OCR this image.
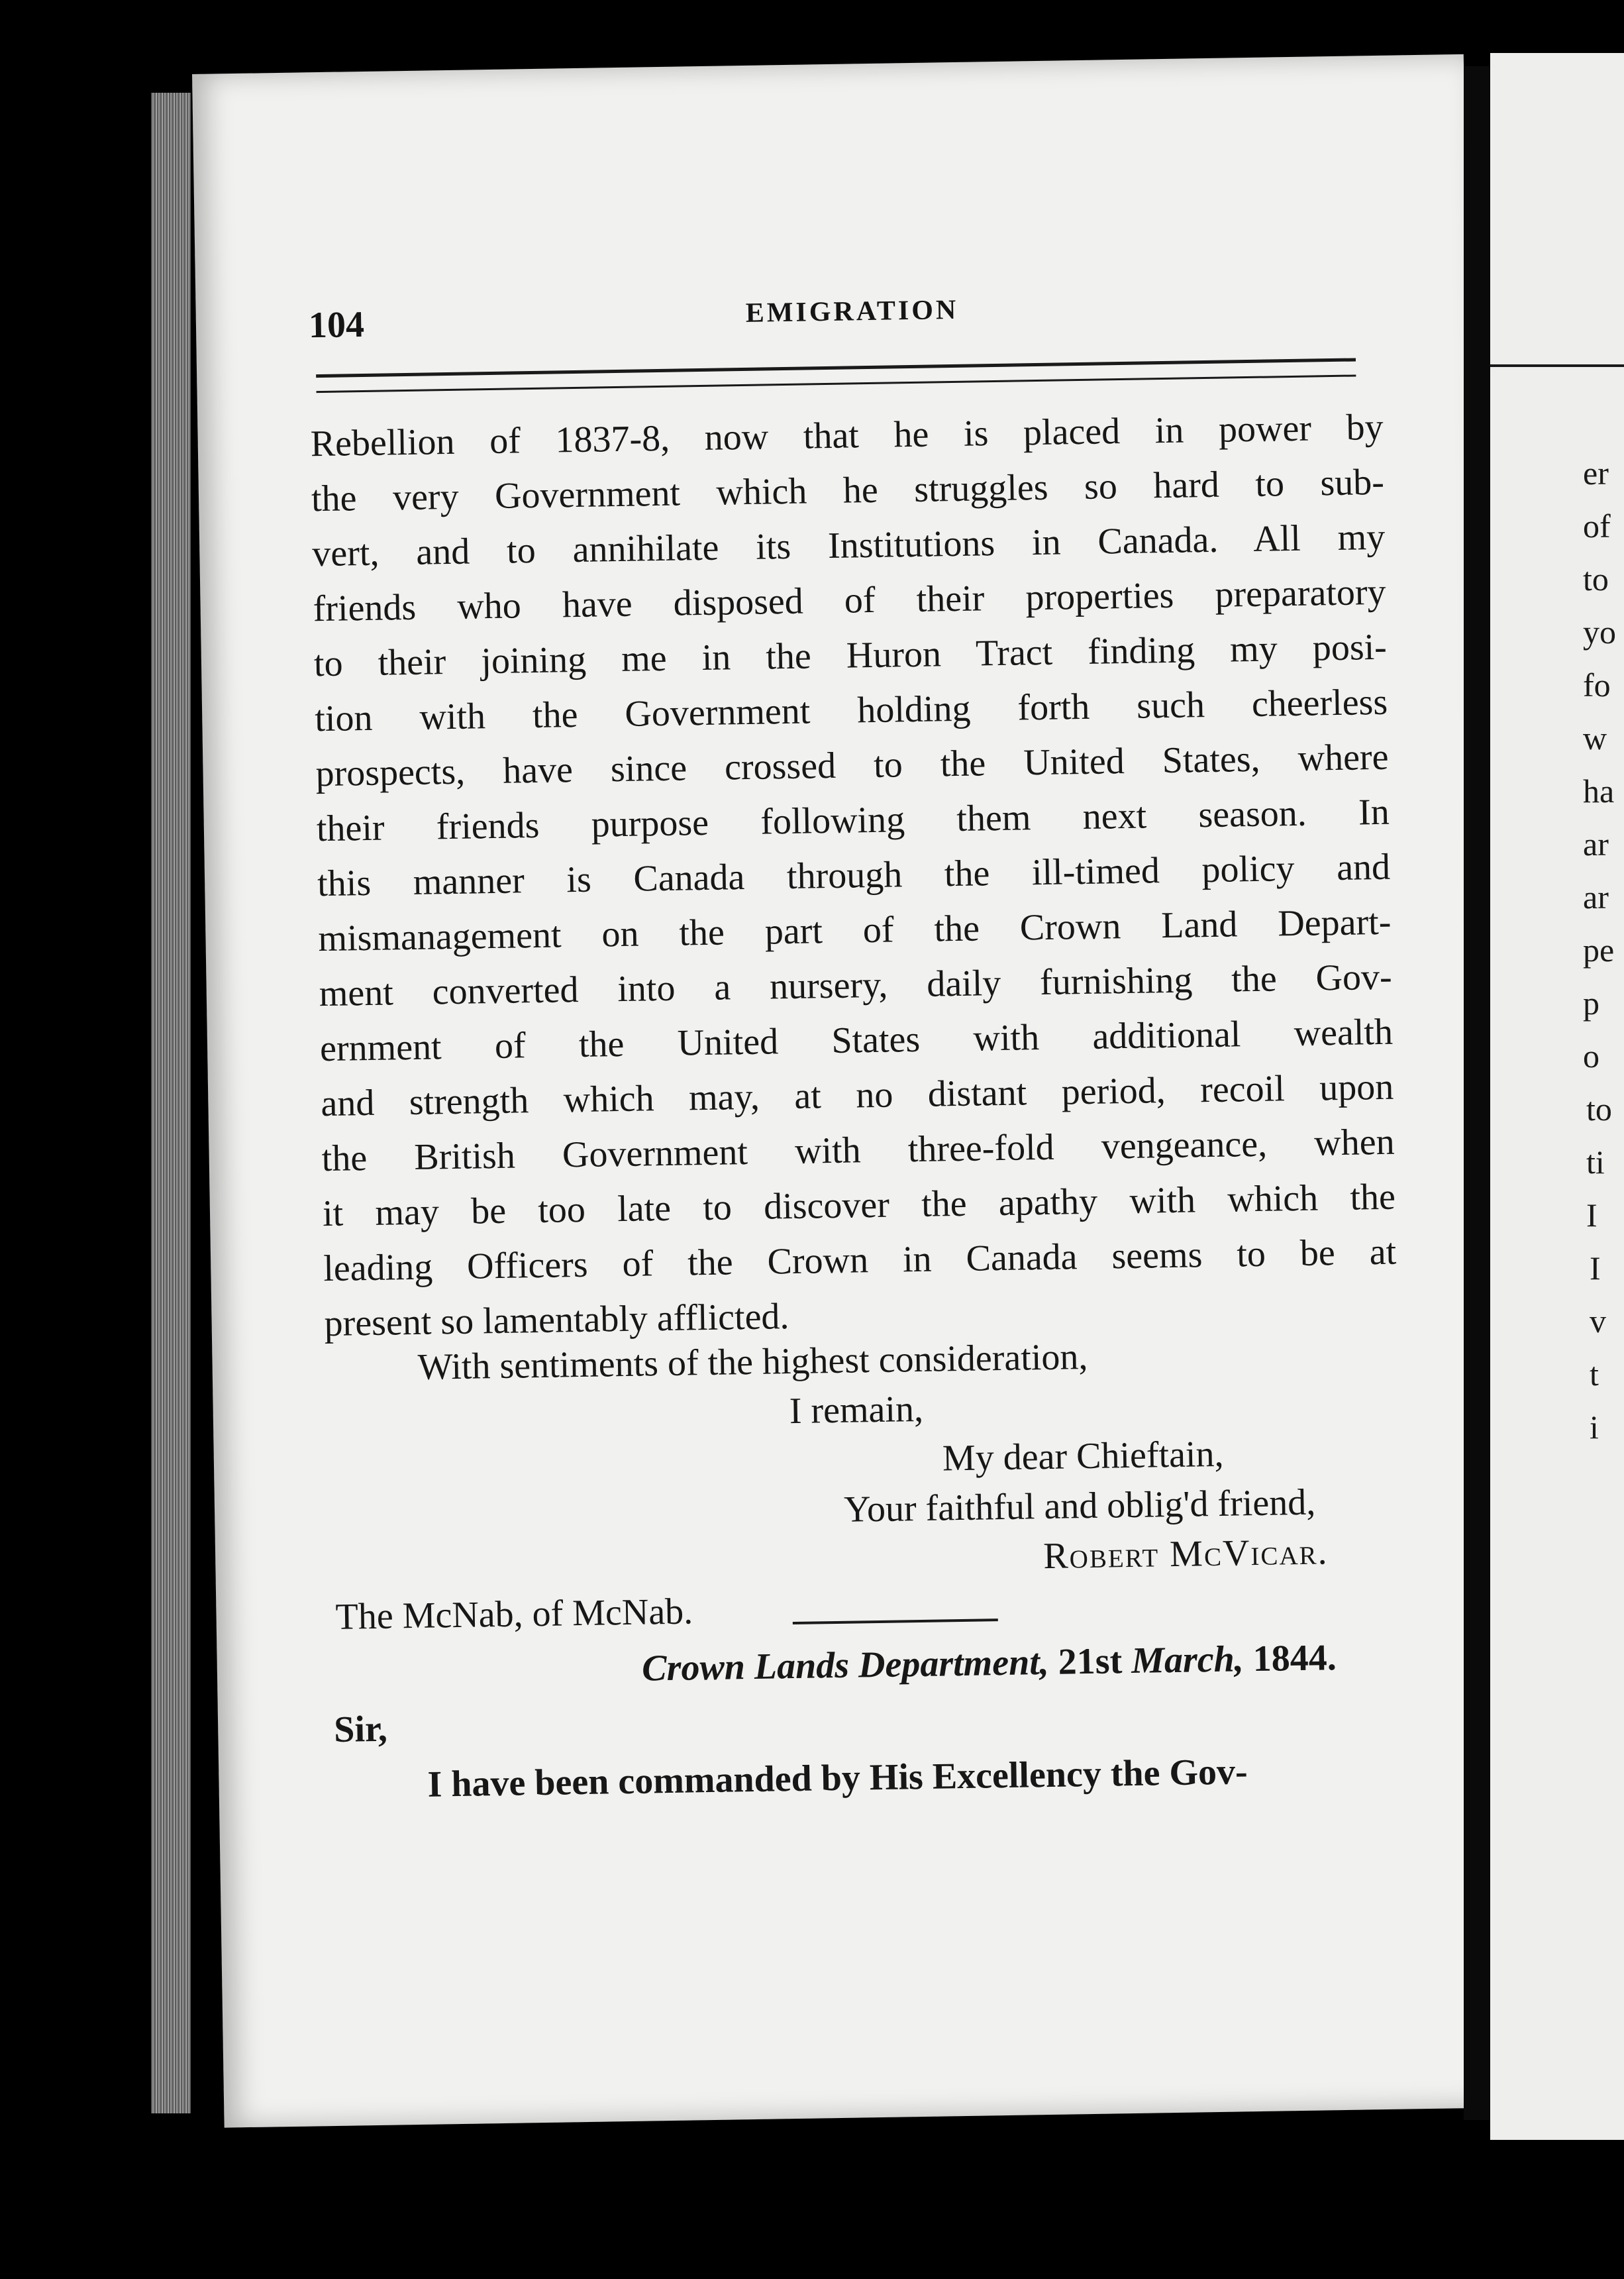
104	EMIGRATION
Rebellion of 1837-8, now that he is placed in power by
the very Government which he struggles so hard to sub-
vert, and to annihilate its Institutions in Canada. All my
friends who have disposed of their properties preparatory
to their joining me in the Huron Tract finding my posi-
tion with the Government holding forth such cheerless
prospects, have since crossed to the United States, where
their friends purpose following them next season. In
this manner is Canada through the ill-timed policy and
mismanagement on the part of the Crown Land Depart-
ment converted into a nursery, daily furnishing the Gov-
ernment of the United States with additional wealth
and strength which may, at no distant period, recoil upon
the British Government with three-fold vengeance, when
it may be too late to discover the apathy with which the
leading Officers of the Crown in Canada seems to be at
present so lamentably afflicted.
With sentiments of the highest consideration,
I remain,
My dear Chieftain,
Your faithful and oblig'd friend,
Robert McVicar.
The McNab, of McNab.
Crown Lands Department, 21st March, 1844.
Sir,
I have been commanded by His Excellency the Gov-
er
of
to
yo
fo
w
ha
ar
ar
pe
p
o
to
ti
I
I
v
t
i
